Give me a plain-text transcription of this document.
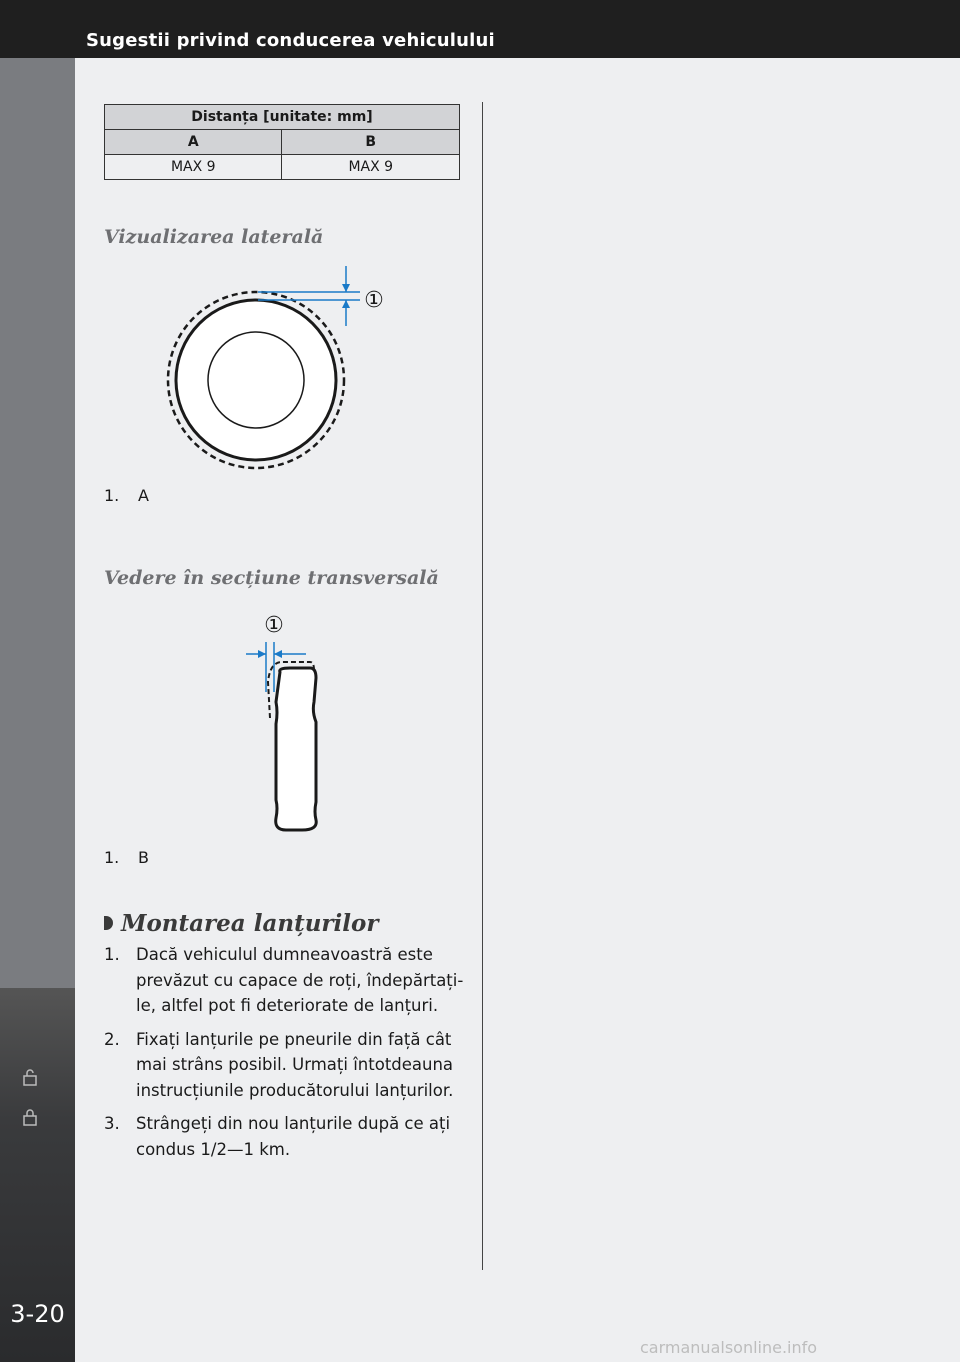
Sugestii privind conducerea vehiculului
3-20
Distanța [unitate: mm]	
A	B
MAX 9	MAX 9
Vizualizarea laterală
①
1. A
Vedere în secțiune transversală
①
1. B
Montarea lanțurilor
1. Dacă vehiculul dumneavoastră este prevăzut cu capace de roți, îndepărtați-le, altfel pot fi deteriorate de lanțuri.
2. Fixați lanțurile pe pneurile din față cât mai strâns posibil. Urmați întotdeauna instrucțiunile producătorului lanțurilor.
3. Strângeți din nou lanțurile după ce ați condus 1/2—1 km.
carmanualsonline.info
